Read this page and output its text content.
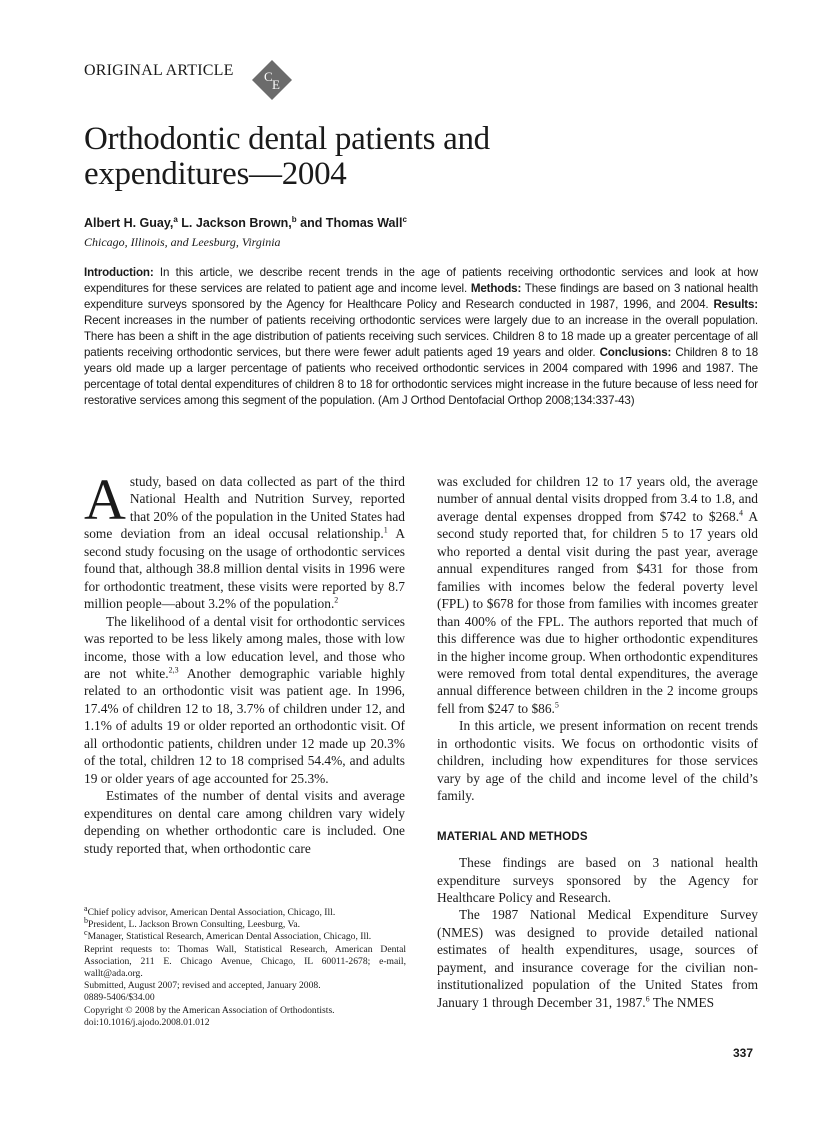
ORIGINAL ARTICLE C
E
Orthodontic dental patients and
expenditures—2004
Albert H. Guay,$^a$ L. Jackson Brown,$^b$ and Thomas Wall$^c$
Chicago, Illinois, and Leesburg, Virginia
Introduction: In this article, we describe recent trends in the age of patients receiving orthodontic services and look at how expenditures for these services are related to patient age and income level. Methods: These findings are based on 3 national health expenditure surveys sponsored by the Agency for Healthcare Policy and Research conducted in 1987, 1996, and 2004. Results: Recent increases in the number of patients receiving orthodontic services were largely due to an increase in the overall population. There has been a shift in the age distribution of patients receiving such services. Children 8 to 18 made up a greater percentage of all patients receiving orthodontic services, but there were fewer adult patients aged 19 years and older. Conclusions: Children 8 to 18 years old made up a larger percentage of patients who received orthodontic services in 2004 compared with 1996 and 1987. The percentage of total dental expenditures of children 8 to 18 for orthodontic services might increase in the future because of less need for restorative services among this segment of the population. (Am J Orthod Dentofacial Orthop 2008;134:337-43)

A study, based on data collected as part of the third National Health and Nutrition Survey, reported that 20% of the population in the United States had some deviation from an ideal occusal relationship.$^1$ A second study focusing on the usage of orthodontic services found that, although 38.8 million dental visits in 1996 were for orthodontic treatment, these visits were reported by 8.7 million people—about 3.2% of the population.$^2$

The likelihood of a dental visit for orthodontic services was reported to be less likely among males, those with low income, those with a low education level, and those who are not white.$^{2,3}$ Another demographic variable highly related to an orthodontic visit was patient age. In 1996, 17.4% of children 12 to 18, 3.7% of children under 12, and 1.1% of adults 19 or older reported an orthodontic visit. Of all orthodontic patients, children under 12 made up 20.3% of the total, children 12 to 18 comprised 54.4%, and adults 19 or older years of age accounted for 25.3%.

Estimates of the number of dental visits and average expenditures on dental care among children vary widely depending on whether orthodontic care is included. One study reported that, when orthodontic care

was excluded for children 12 to 17 years old, the average number of annual dental visits dropped from 3.4 to 1.8, and average dental expenses dropped from $742 to $268.$^4$ A second study reported that, for children 5 to 17 years old who reported a dental visit during the past year, average annual expenditures ranged from $431 for those from families with incomes below the federal poverty level (FPL) to $678 for those from families with incomes greater than 400% of the FPL. The authors reported that much of this difference was due to higher orthodontic expenditures in the higher income group. When orthodontic expenditures were removed from total dental expenditures, the average annual difference between children in the 2 income groups fell from $247 to $86.$^5$

In this article, we present information on recent trends in orthodontic visits. We focus on orthodontic visits of children, including how expenditures for those services vary by age of the child and income level of the child’s family.

MATERIAL AND METHODS

These findings are based on 3 national health expenditure surveys sponsored by the Agency for Healthcare Policy and Research.

The 1987 National Medical Expenditure Survey (NMES) was designed to provide detailed national estimates of health expenditures, usage, sources of payment, and insurance coverage for the civilian non-institutionalized population of the United States from January 1 through December 31, 1987.$^6$ The NMES

$^a$Chief policy advisor, American Dental Association, Chicago, Ill.
$^b$President, L. Jackson Brown Consulting, Leesburg, Va.
$^c$Manager, Statistical Research, American Dental Association, Chicago, Ill.
Reprint requests to: Thomas Wall, Statistical Research, American Dental Association, 211 E. Chicago Avenue, Chicago, IL 60011-2678; e-mail, wallt@ada.org.
Submitted, August 2007; revised and accepted, January 2008.
0889-5406/$34.00
Copyright © 2008 by the American Association of Orthodontists.
doi:10.1016/j.ajodo.2008.01.012
337
